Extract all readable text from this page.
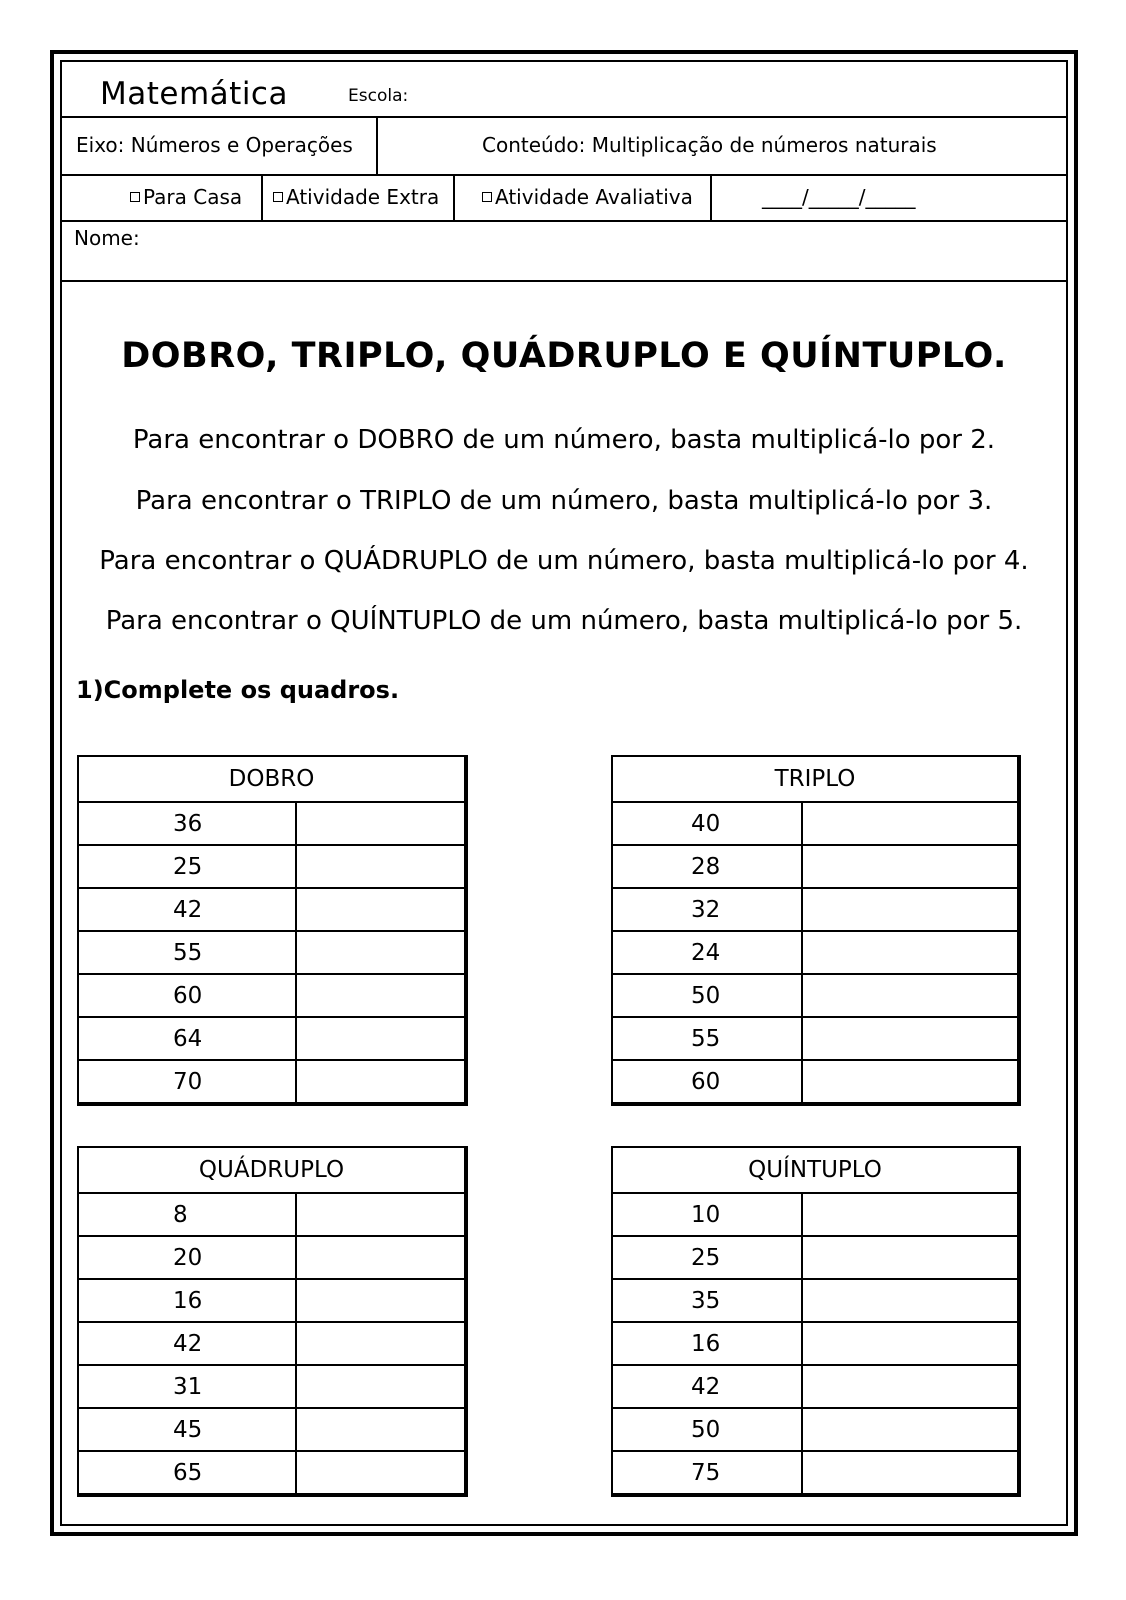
Matemática	Escola:
Eixo: Números e Operações	Conteúdo: Multiplicação de números naturais
Para Casa	Atividade Extra	Atividade Avaliativa	____/_____/_____
Nome:
DOBRO, TRIPLO, QUÁDRUPLO E QUÍNTUPLO.
Para encontrar o DOBRO de um número, basta multiplicá-lo por 2.
Para encontrar o TRIPLO de um número, basta multiplicá-lo por 3.
Para encontrar o QUÁDRUPLO de um número, basta multiplicá-lo por 4.
Para encontrar o QUÍNTUPLO de um número, basta multiplicá-lo por 5.
1)Complete os quadros.
DOBRO	
36	
25	
42	
55	
60	
64	
70	
TRIPLO	
40	
28	
32	
24	
50	
55	
60	
QUÁDRUPLO	
8	
20	
16	
42	
31	
45	
65	
QUÍNTUPLO	
10	
25	
35	
16	
42	
50	
75	
